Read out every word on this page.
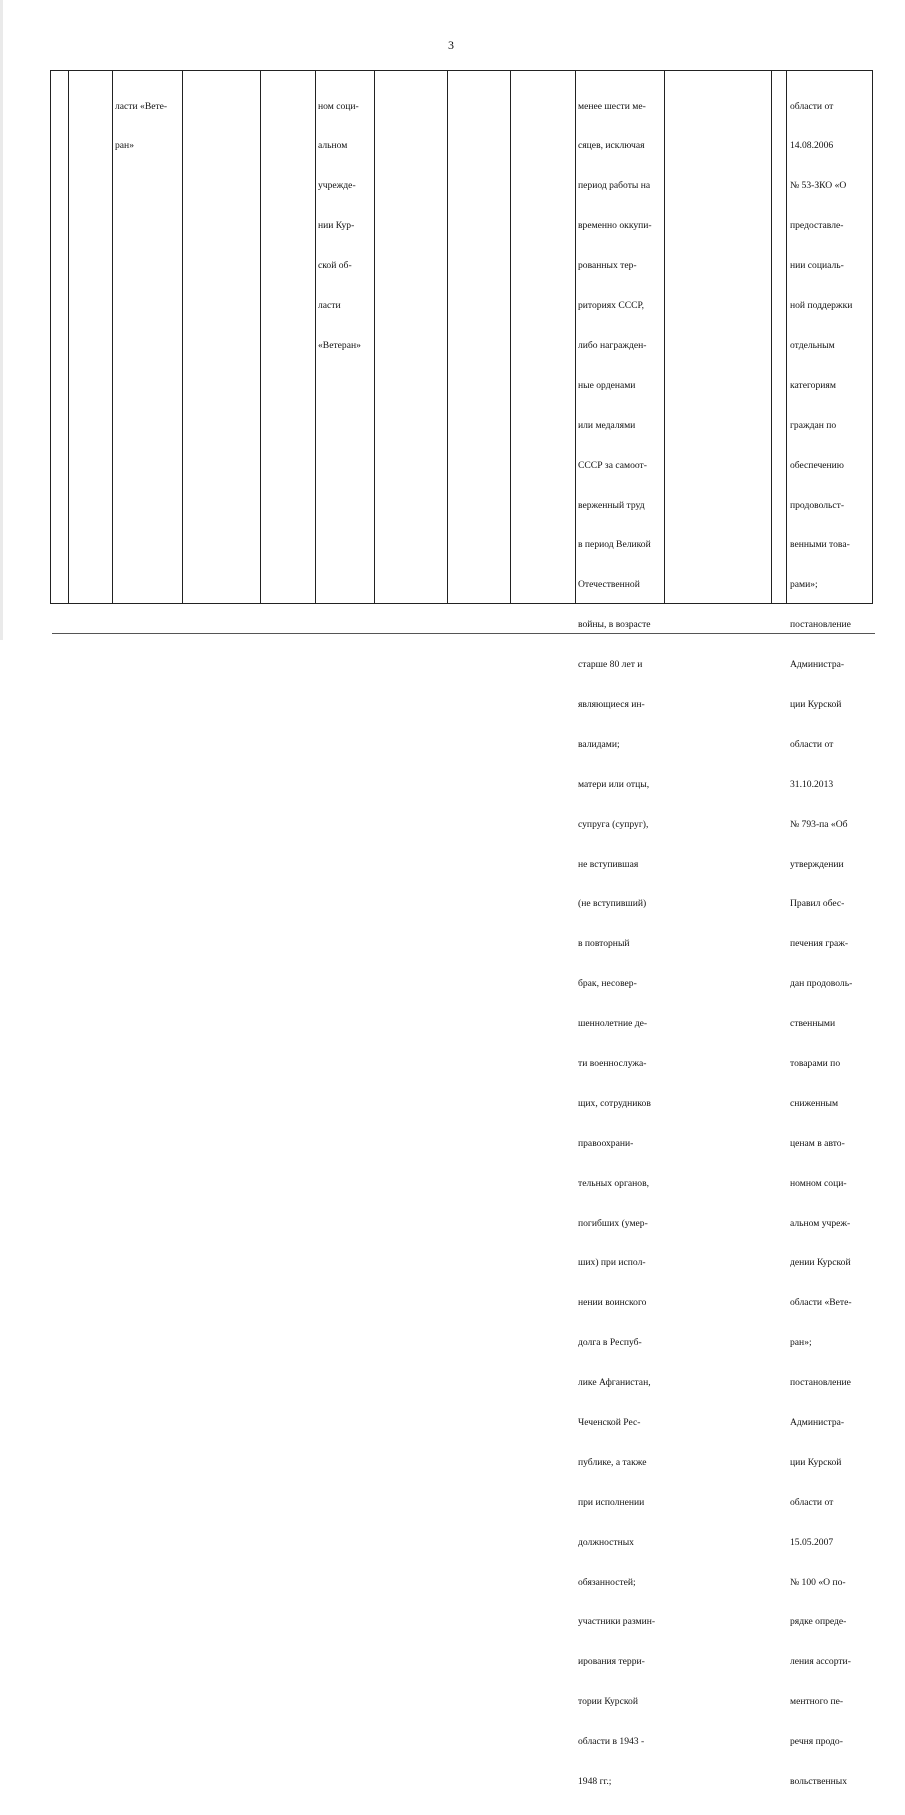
3

ласти «Вете-

ран»

ном соци-

альном

учрежде-

нии Кур-

ской об-

ласти

«Ветеран»

менее шести ме-

сяцев, исключая

период работы на

временно оккупи-

рованных тер-

риториях СССР,

либо награжден-

ные орденами

или медалями

СССР за самоот-

верженный труд

в период Великой

Отечественной

войны, в возрасте

старше 80 лет и

являющиеся ин-

валидами;

матери или отцы,

супруга (супруг),

не вступившая

(не вступивший)

в повторный

брак, несовер-

шеннолетние де-

ти военнослужа-

щих, сотрудников

правоохрани-

тельных органов,

погибших (умер-

ших) при испол-

нении воинского

долга в Респуб-

лике Афганистан,

Чеченской Рес-

публике, а также

при исполнении

должностных

обязанностей;

участники размин-

ирования терри-

тории Курской

области в 1943 -

1948 гг.;

области от

14.08.2006

№ 53-ЗКО «О

предоставле-

нии социаль-

ной поддержки

отдельным

категориям

граждан по

обеспечению

продовольст-

венными това-

рами»;

постановление

Администра-

ции Курской

области от

31.10.2013

№ 793-па «Об

утверждении

Правил обес-

печения граж-

дан продоволь-

ственными

товарами по

сниженным

ценам в авто-

номном соци-

альном учреж-

дении Курской

области «Вете-

ран»;

постановление

Администра-

ции Курской

области от

15.05.2007

№ 100 «О по-

рядке опреде-

ления ассорти-

ментного пе-

речня продо-

вольственных
